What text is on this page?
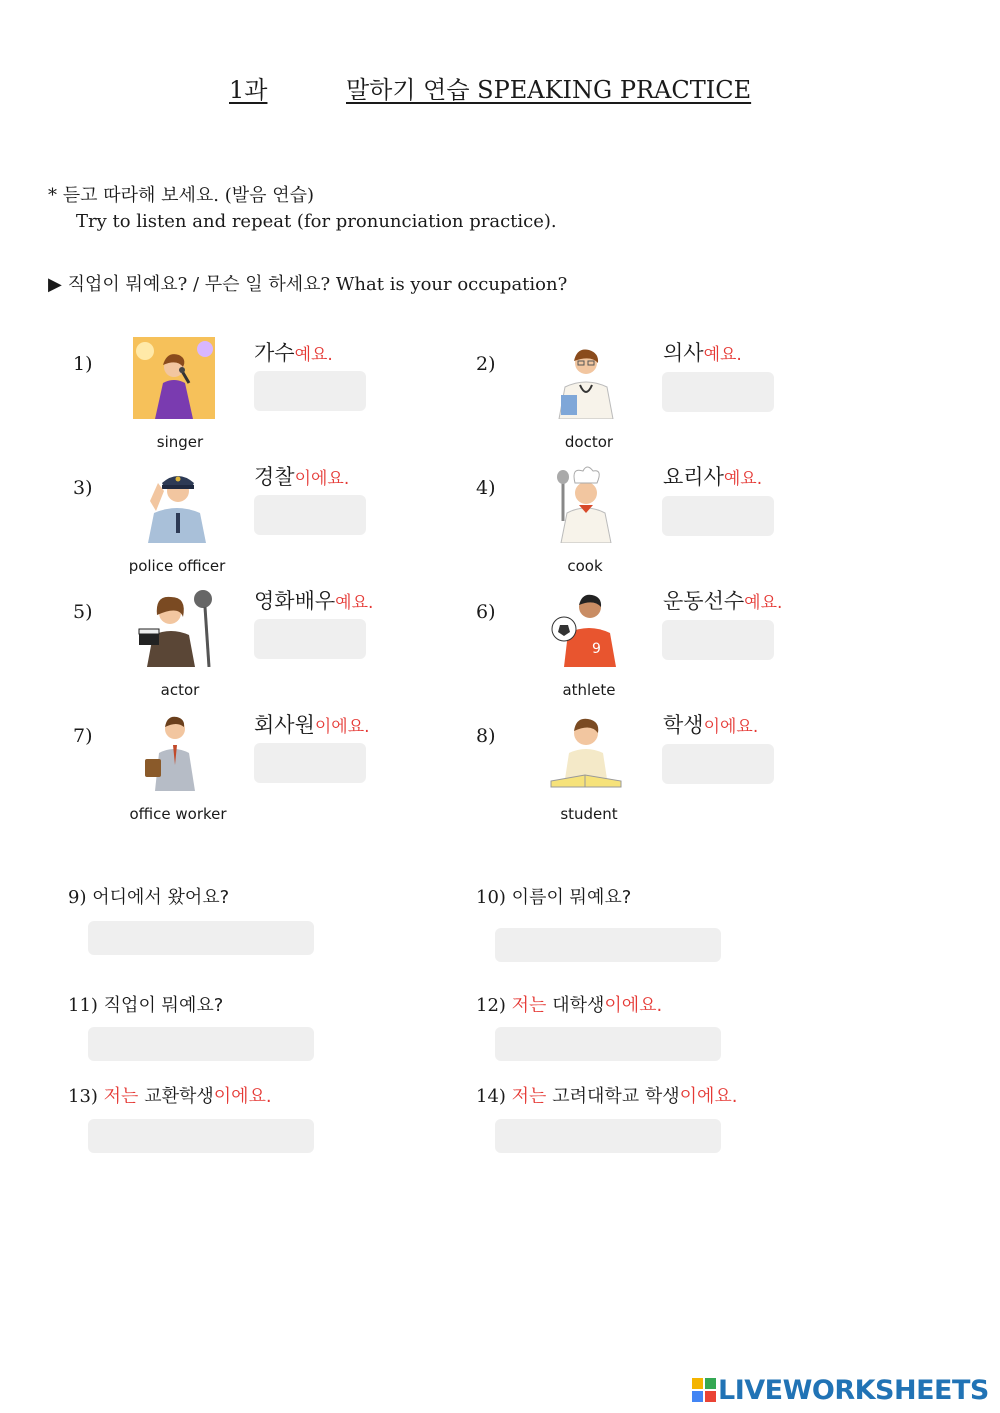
1과	말하기 연습 SPEAKING PRACTICE
* 듣고 따라해 보세요. (발음 연습)
Try to listen and repeat (for pronunciation practice).
▶ 직업이 뭐예요? / 무슨 일 하세요? What is your occupation?
1)
singer
가수예요.	2)
doctor
의사예요.
3)
police officer
경찰이에요.	4)
cook
요리사예요.
5)
actor
영화배우예요.	6)
9
athlete
운동선수예요.
7)
office worker
회사원이에요.	8)
student
학생이에요.
9) 어디에서 왔어요?	10) 이름이 뭐예요?
11) 직업이 뭐예요?	12) 저는 대학생이에요.
13) 저는 교환학생이에요.	14) 저는 고려대학교 학생이에요.
LIVEWORKSHEETS
